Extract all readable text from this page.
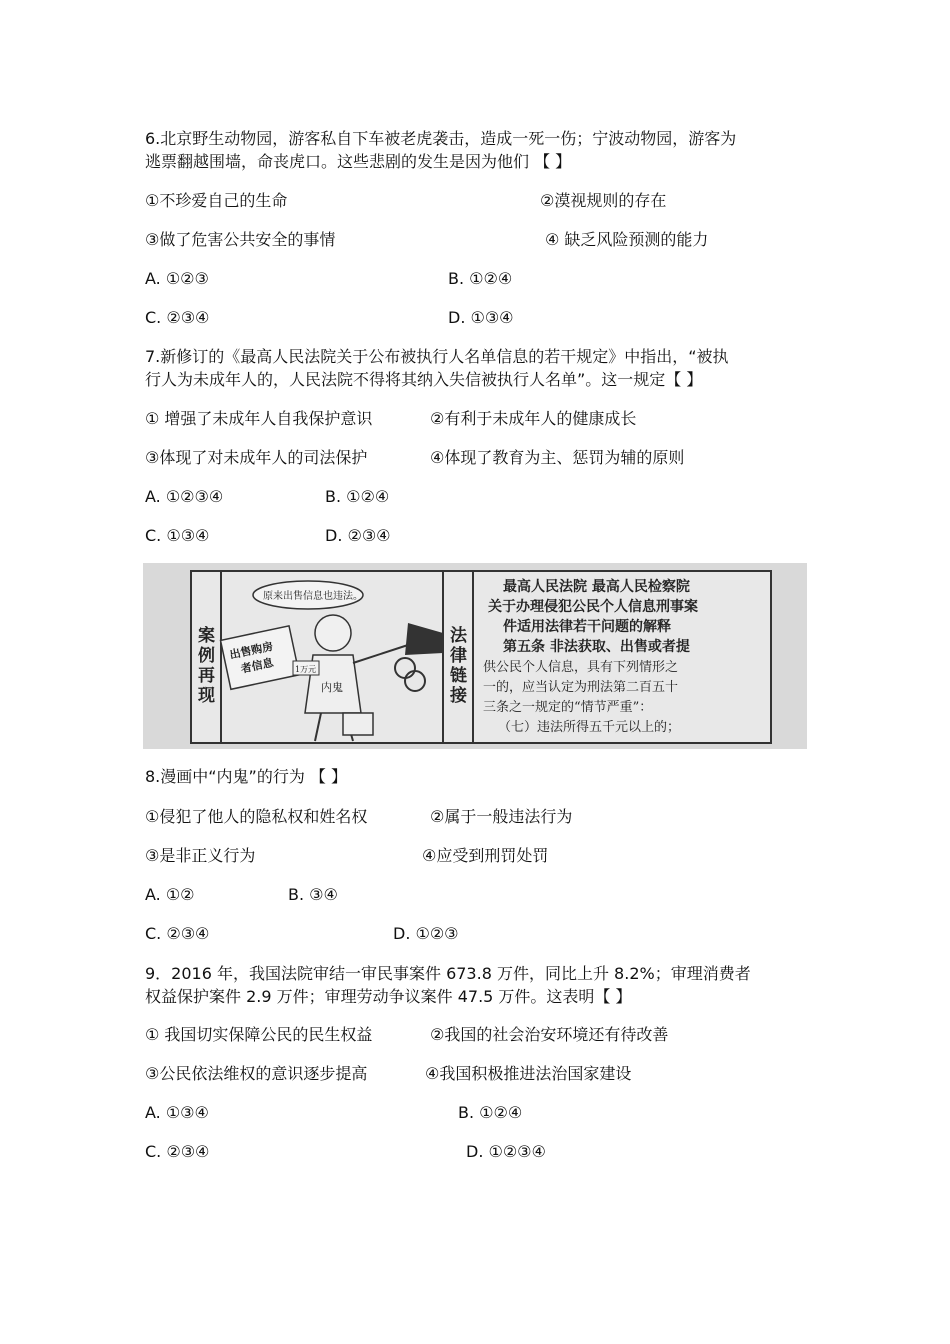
6.北京野生动物园，游客私自下车被老虎袭击，造成一死一伤；宁波动物园，游客为
逃票翻越围墙，命丧虎口。这些悲剧的发生是因为他们 【 】
①不珍爱自己的生命	②漠视规则的存在
③做了危害公共安全的事情	④ 缺乏风险预测的能力
A. ①②③	B. ①②④
C. ②③④	D. ①③④
7.新修订的《最高人民法院关于公布被执行人名单信息的若干规定》中指出，“被执
行人为未成年人的，人民法院不得将其纳入失信被执行人名单”。这一规定【 】
① 增强了未成年人自我保护意识	②有利于未成年人的健康成长
③体现了对未成年人的司法保护	④体现了教育为主、惩罚为辅的原则
A. ①②③④	B. ①②④
C. ①③④	D. ②③④
案
例
再
现
原来出售信息也违法。
出售购房
者信息	1万元
内鬼
法
律
链
接
最高人民法院 最高人民检察院
关于办理侵犯公民个人信息刑事案
件适用法律若干问题的解释
第五条 非法获取、出售或者提
供公民个人信息，具有下列情形之
一的，应当认定为刑法第二百五十
三条之一规定的“情节严重”：
（七）违法所得五千元以上的；
8.漫画中“内鬼”的行为 【 】
①侵犯了他人的隐私权和姓名权	②属于一般违法行为
③是非正义行为	④应受到刑罚处罚
A. ①②	B. ③④
C. ②③④	D. ①②③
9．2016 年，我国法院审结一审民事案件 673.8 万件，同比上升 8.2%；审理消费者
权益保护案件 2.9 万件；审理劳动争议案件 47.5 万件。这表明【 】
① 我国切实保障公民的民生权益	②我国的社会治安环境还有待改善
③公民依法维权的意识逐步提高	④我国积极推进法治国家建设
A. ①③④	B. ①②④
C. ②③④	D. ①②③④
